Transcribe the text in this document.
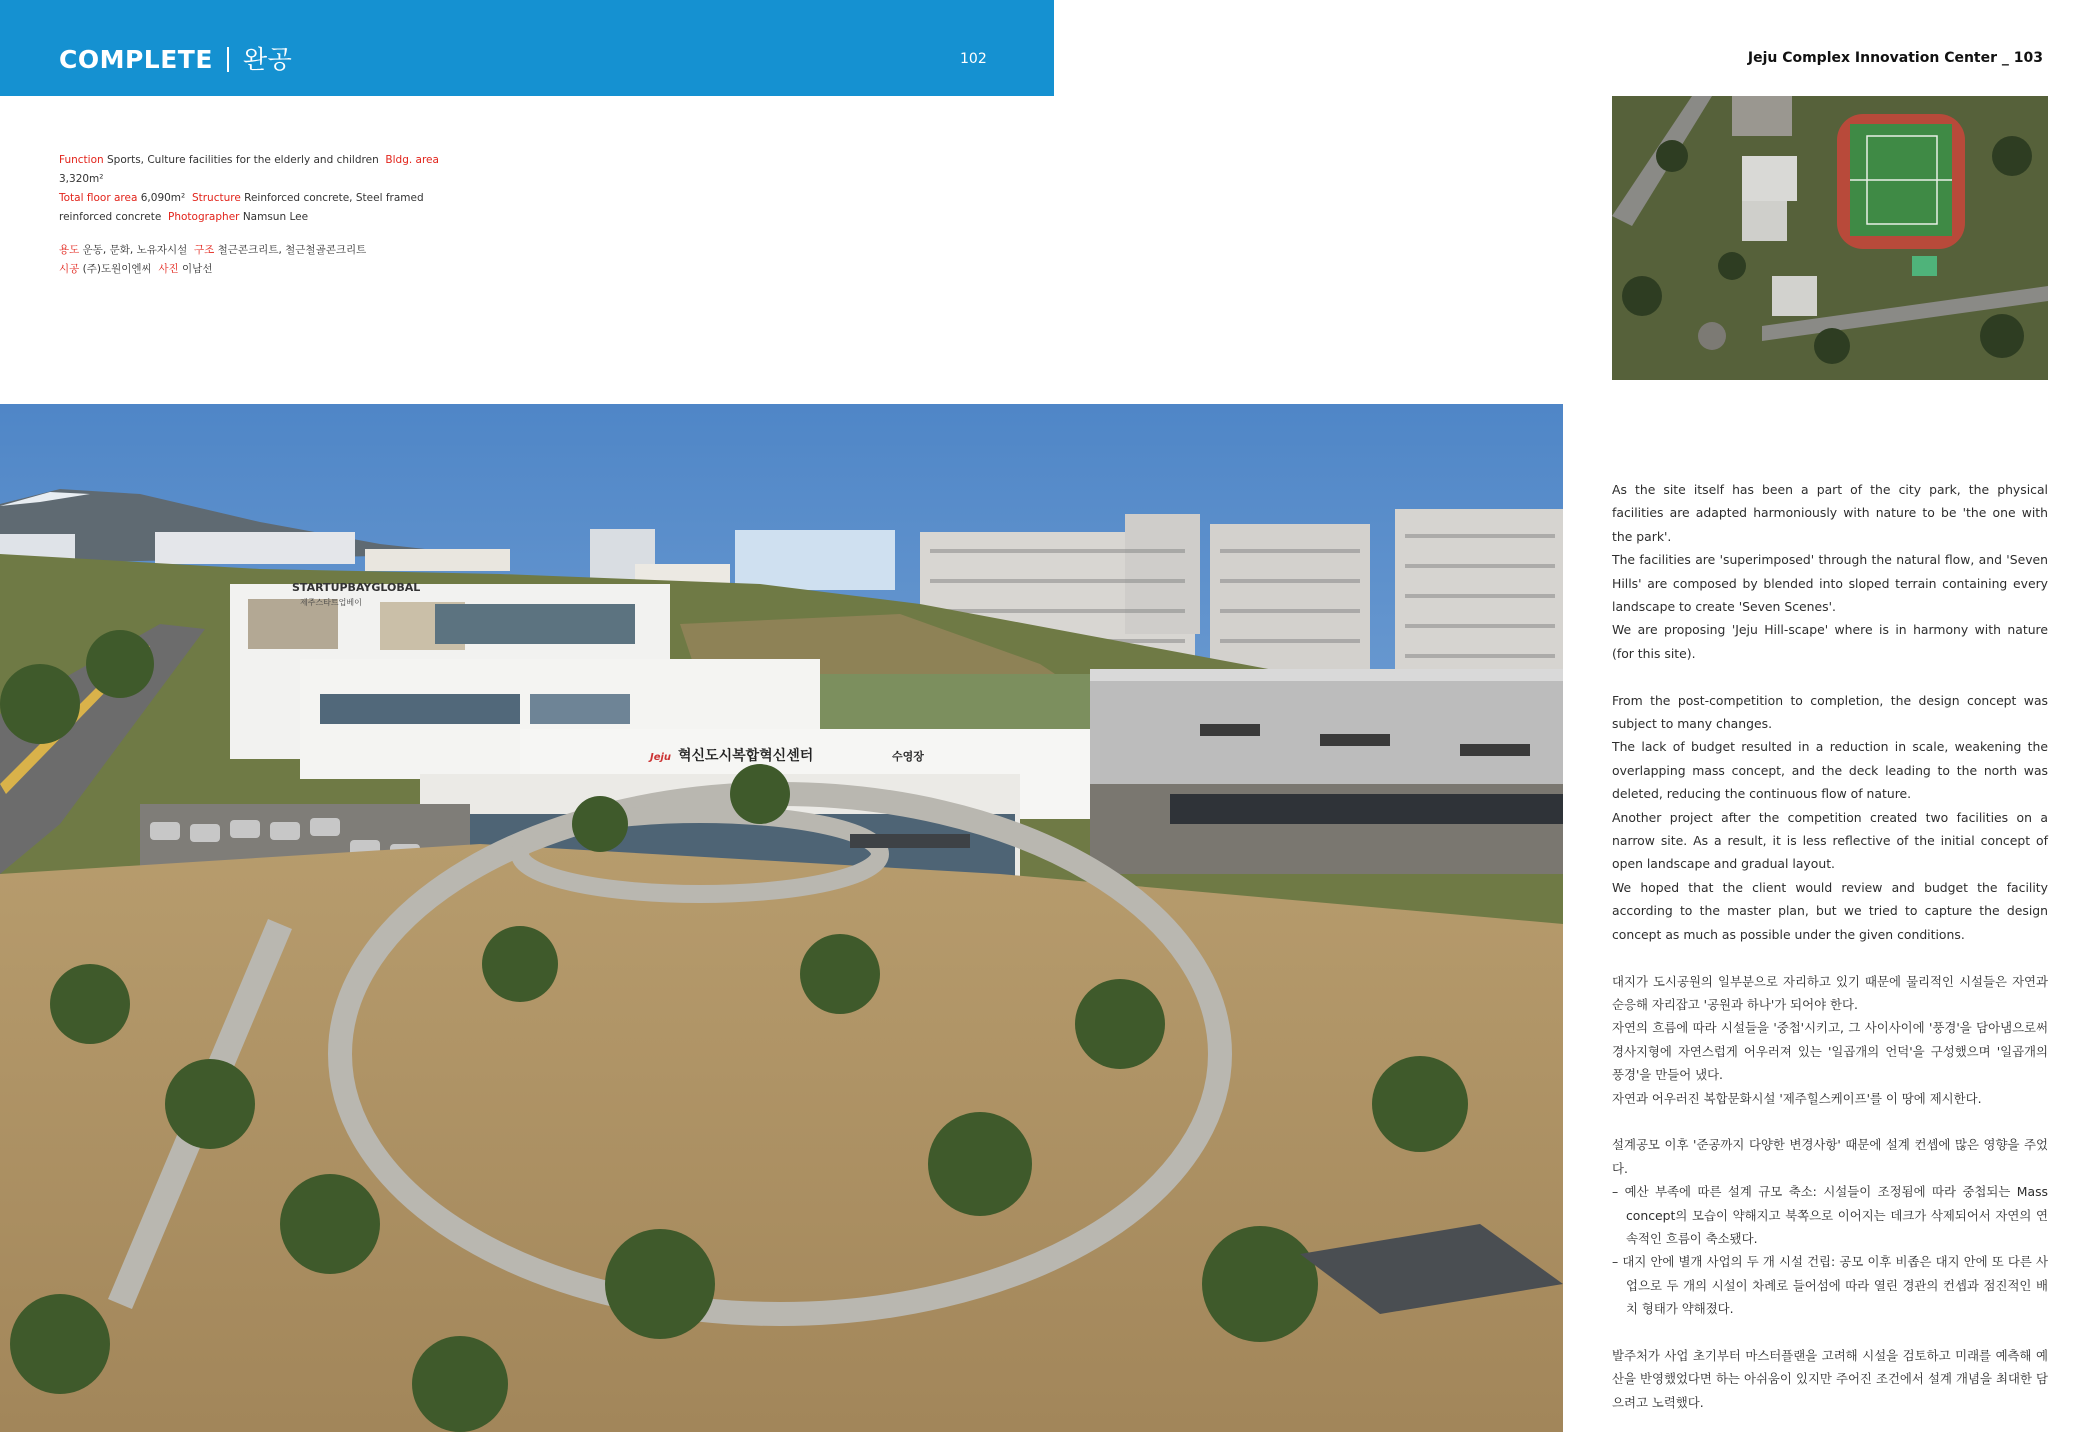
COMPLETE 완공	102	Jeju Complex Innovation Center _ 103

Function Sports, Culture facilities for the elderly and children Bldg. area 3,320m²
Total floor area 6,090m² Structure Reinforced concrete, Steel framed reinforced concrete Photographer Namsun Lee

용도 운동, 문화, 노유자시설 구조 철근콘크리트, 철근철골콘크리트
시공 (주)도원이엔씨 사진 이남선

STARTUPBAYGLOBAL
제주스타트업베이
Jeju 혁신도시복합혁신센터	수영장

As the site itself has been a part of the city park, the physical facilities are adapted harmoniously with nature to be 'the one with the park'.

The facilities are 'superimposed' through the natural flow, and 'Seven Hills' are composed by blended into sloped terrain containing every landscape to create 'Seven Scenes'.

We are proposing 'Jeju Hill-scape' where is in harmony with nature (for this site).

From the post-competition to completion, the design concept was subject to many changes.

The lack of budget resulted in a reduction in scale, weakening the overlapping mass concept, and the deck leading to the north was deleted, reducing the continuous flow of nature.

Another project after the competition created two facilities on a narrow site. As a result, it is less reflective of the initial concept of open landscape and gradual layout.

We hoped that the client would review and budget the facility according to the master plan, but we tried to capture the design concept as much as possible under the given conditions.

대지가 도시공원의 일부분으로 자리하고 있기 때문에 물리적인 시설들은 자연과 순응해 자리잡고 '공원과 하나'가 되어야 한다.

자연의 흐름에 따라 시설들을 '중첩'시키고, 그 사이사이에 '풍경'을 담아냄으로써 경사지형에 자연스럽게 어우러져 있는 '일곱개의 언덕'을 구성했으며 '일곱개의 풍경'을 만들어 냈다.

자연과 어우러진 복합문화시설 '제주힐스케이프'를 이 땅에 제시한다.

설계공모 이후 '준공까지 다양한 변경사항' 때문에 설계 컨셉에 많은 영향을 주었다.

– 예산 부족에 따른 설계 규모 축소: 시설들이 조정됨에 따라 중첩되는 Mass concept의 모습이 약해지고 북쪽으로 이어지는 데크가 삭제되어서 자연의 연속적인 흐름이 축소됐다.

– 대지 안에 별개 사업의 두 개 시설 건립: 공모 이후 비좁은 대지 안에 또 다른 사업으로 두 개의 시설이 차례로 들어섬에 따라 열린 경관의 컨셉과 점진적인 배치 형태가 약해졌다.

발주처가 사업 초기부터 마스터플랜을 고려해 시설을 검토하고 미래를 예측해 예산을 반영했었다면 하는 아쉬움이 있지만 주어진 조건에서 설계 개념을 최대한 담으려고 노력했다.
